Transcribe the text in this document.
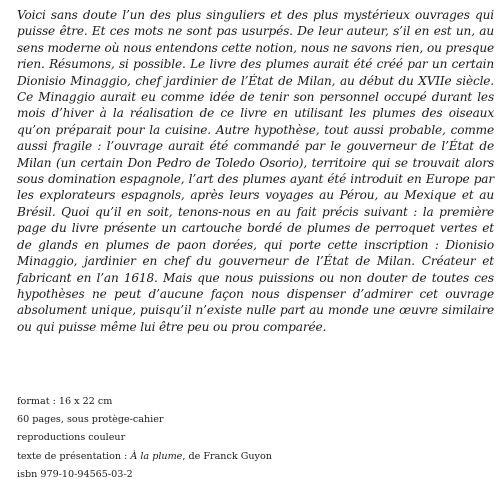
Voici sans doute l’un des plus singuliers et des plus mystérieux ouvrages qui puisse être. Et ces mots ne sont pas usurpés. De leur auteur, s’il en est un, au sens moderne où nous entendons cette notion, nous ne savons rien, ou presque rien. Résumons, si possible. Le livre des plumes aurait été créé par un certain Dionisio Minaggio, chef jardinier de l’État de Milan, au début du XVIIe siècle. Ce Minaggio aurait eu comme idée de tenir son personnel occupé durant les mois d’hiver à la réalisation de ce livre en utilisant les plumes des oiseaux qu’on préparait pour la cuisine. Autre hypothèse, tout aussi probable, comme aussi fragile : l’ouvrage aurait été commandé par le gouverneur de l’État de Milan (un certain Don Pedro de Toledo Osorio), territoire qui se trouvait alors sous domination espagnole, l’art des plumes ayant été introduit en Europe par les explorateurs espagnols, après leurs voyages au Pérou, au Mexique et au Brésil. Quoi qu’il en soit, tenons-nous en au fait précis suivant : la première page du livre présente un cartouche bordé de plumes de perroquet vertes et de glands en plumes de paon dorées, qui porte cette inscription : Dionisio Minaggio, jardinier en chef du gouverneur de l’État de Milan. Créateur et fabricant en l’an 1618. Mais que nous puissions ou non douter de toutes ces hypothèses ne peut d’aucune façon nous dispenser d’admirer cet ouvrage absolument unique, puisqu’il n’existe nulle part au monde une œuvre similaire ou qui puisse même lui être peu ou prou comparée.

format : 16 x 22 cm
60 pages, sous protège-cahier
reproductions couleur
texte de présentation : À la plume, de Franck Guyon
isbn 979-10-94565-03-2
